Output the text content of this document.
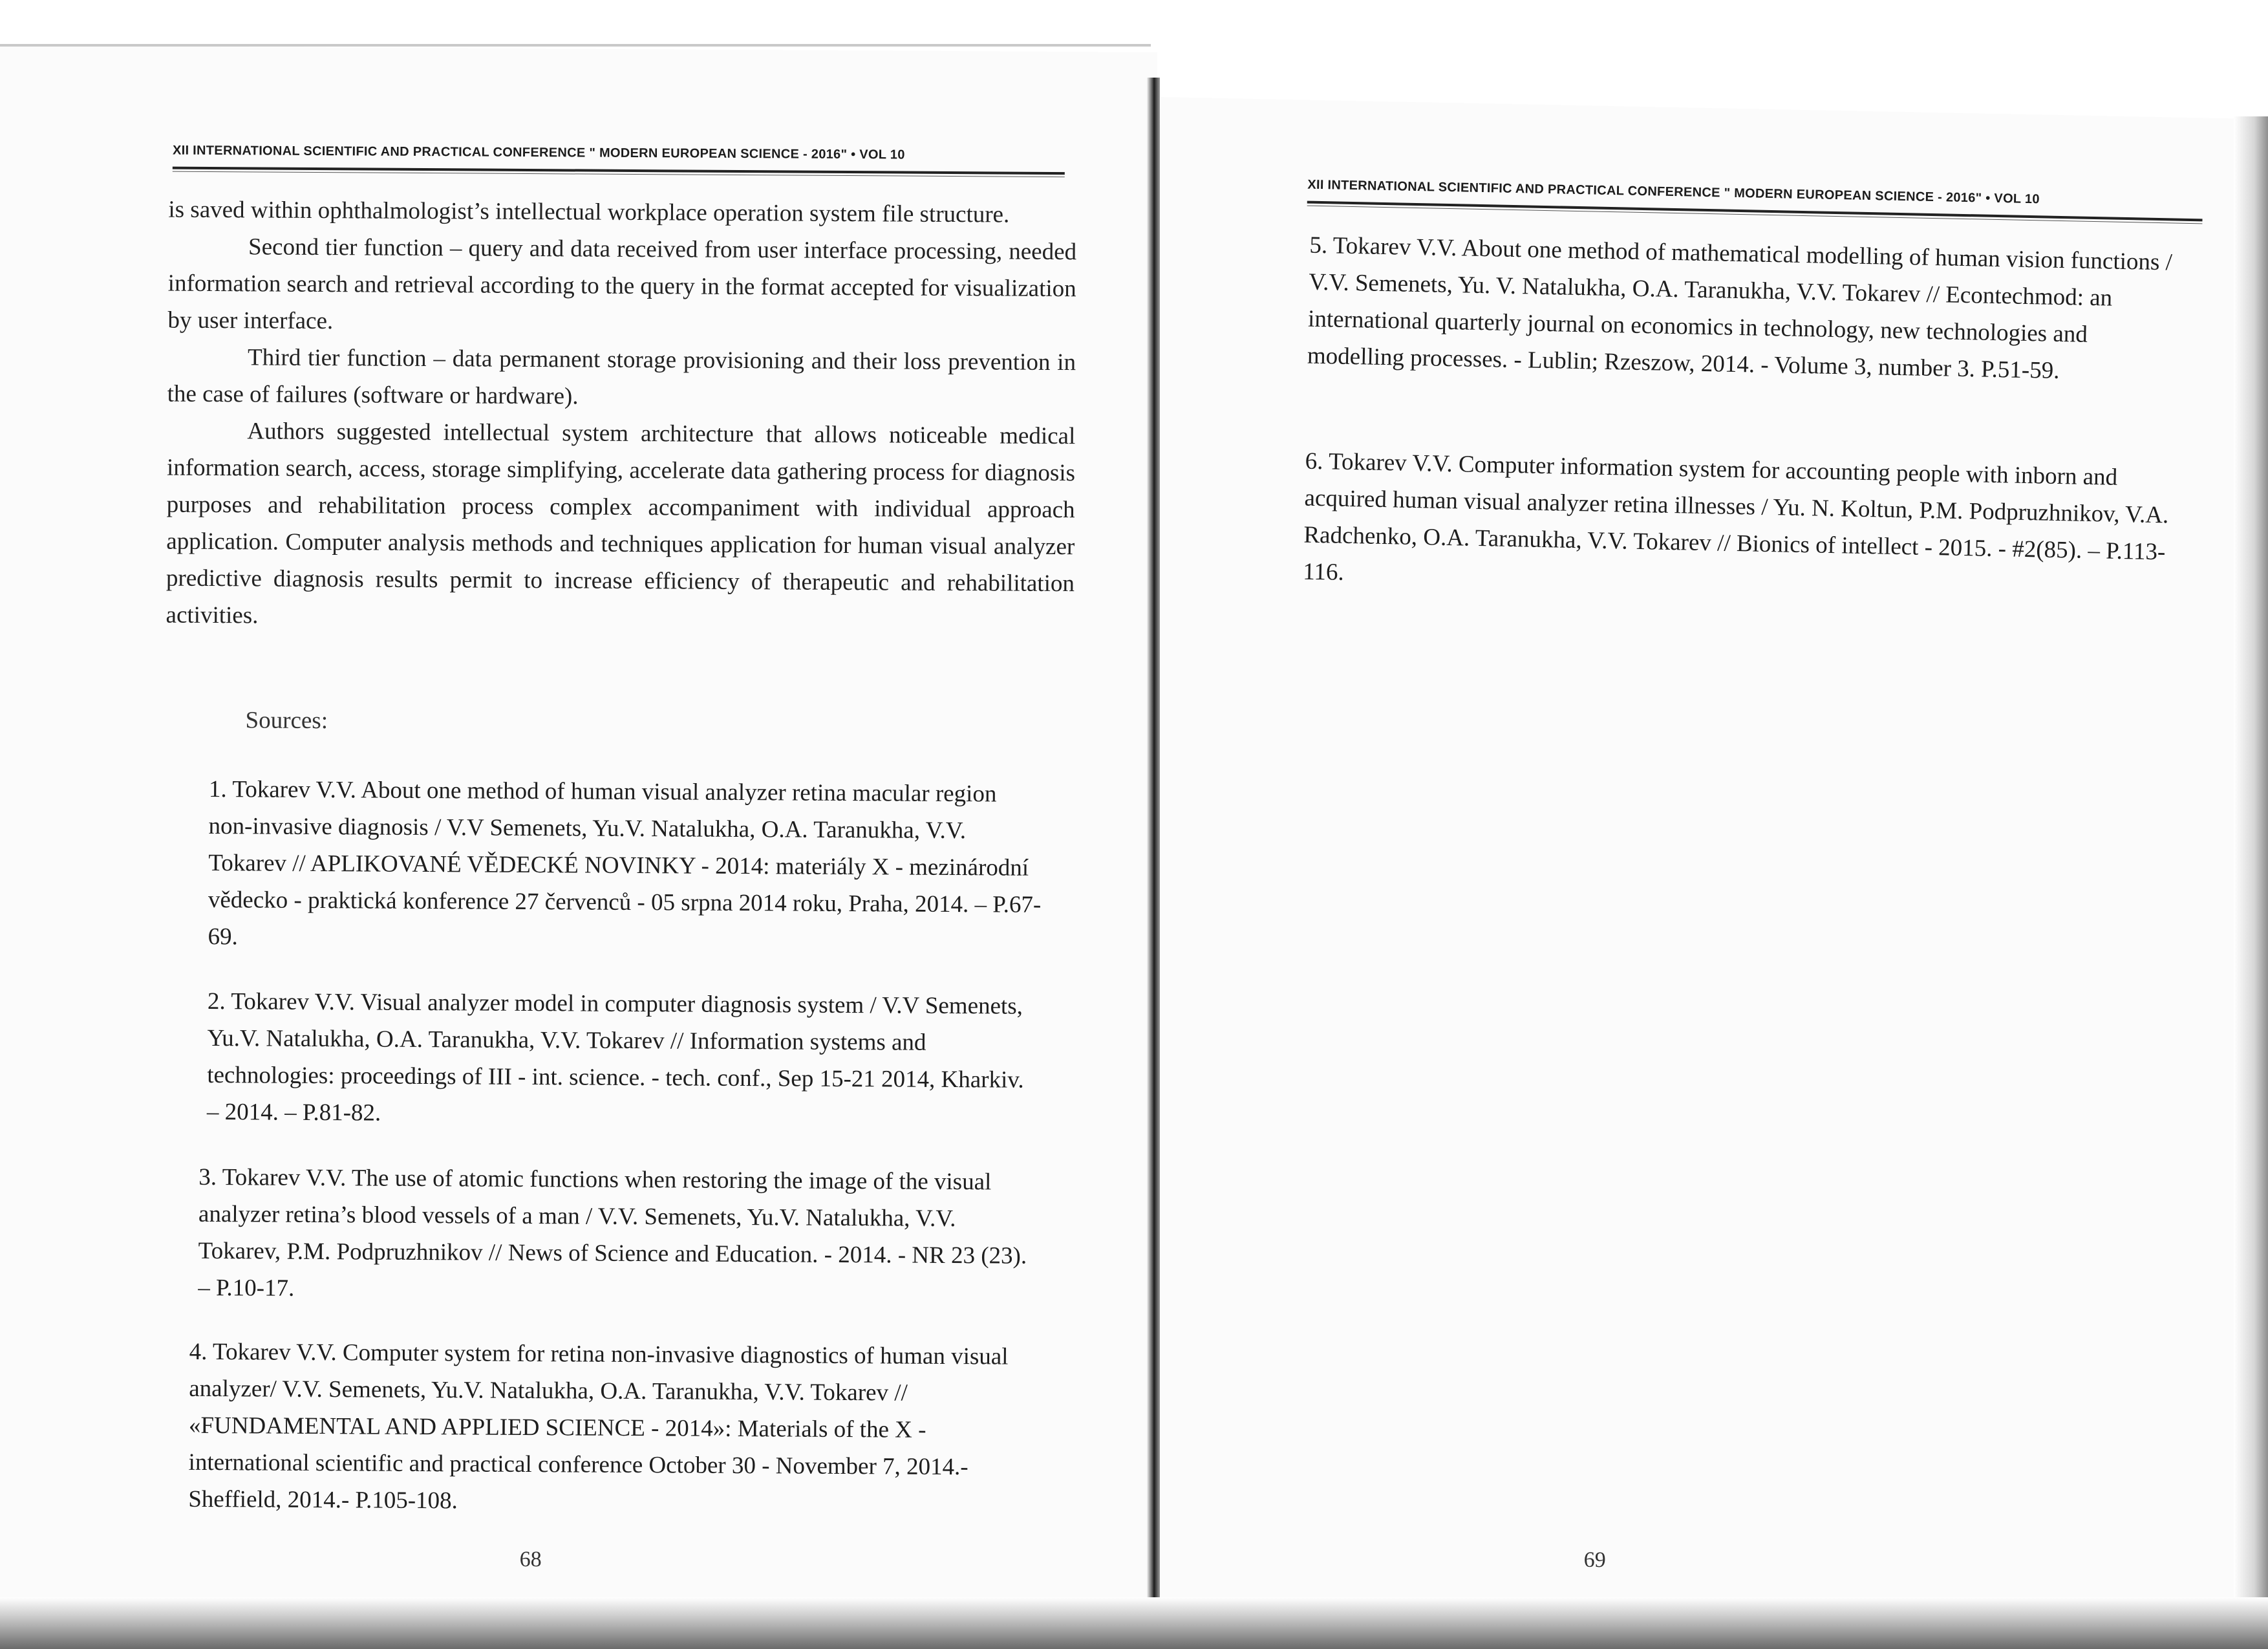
XII INTERNATIONAL SCIENTIFIC AND PRACTICAL CONFERENCE " MODERN EUROPEAN SCIENCE - 2016" • VOL 10

is saved within ophthalmologist’s intellectual workplace operation system file structure.

Second tier function – query and data received from user interface processing, needed information search and retrieval according to the query in the format accepted for visualization by user interface.

Third tier function – data permanent storage provisioning and their loss prevention in the case of failures (software or hardware).

Authors suggested intellectual system architecture that allows noticeable medical information search, access, storage simplifying, accelerate data gathering process for diagnosis purposes and rehabilitation process complex accompaniment with individual approach application. Computer analysis methods and techniques application for human visual analyzer predictive diagnosis results permit to increase efficiency of therapeutic and rehabilitation activities.

Sources:
1. Tokarev V.V. About one method of human visual analyzer retina macular region non-invasive diagnosis / V.V Semenets, Yu.V. Natalukha, O.A. Taranukha, V.V. Tokarev // APLIKOVANÉ VĚDECKÉ NOVINKY - 2014: materiály X - mezinárodní vědecko - praktická konference 27 červenců - 05 srpna 2014 roku, Praha, 2014. – P.67-69.
2. Tokarev V.V. Visual analyzer model in computer diagnosis system / V.V Semenets, Yu.V. Natalukha, O.A. Taranukha, V.V. Tokarev // Information systems and technologies: proceedings of III - int. science. - tech. conf., Sep 15-21 2014, Kharkiv. – 2014. – P.81-82.
3. Tokarev V.V. The use of atomic functions when restoring the image of the visual analyzer retina’s blood vessels of a man / V.V. Semenets, Yu.V. Natalukha, V.V. Tokarev, P.M. Podpruzhnikov // News of Science and Education. - 2014. - NR 23 (23). – P.10-17.
4. Tokarev V.V. Computer system for retina non-invasive diagnostics of human visual analyzer/ V.V. Semenets, Yu.V. Natalukha, O.A. Taranukha, V.V. Tokarev // «FUNDAMENTAL AND APPLIED SCIENCE - 2014»: Materials of the X - international scientific and practical conference October 30 - November 7, 2014.- Sheffield, 2014.- P.105-108.
68
XII INTERNATIONAL SCIENTIFIC AND PRACTICAL CONFERENCE " MODERN EUROPEAN SCIENCE - 2016" • VOL 10
5. Tokarev V.V. About one method of mathematical modelling of human vision functions / V.V. Semenets, Yu. V. Natalukha, O.A. Taranukha, V.V. Tokarev // Econtechmod: an international quarterly journal on economics in technology, new technologies and modelling processes. - Lublin; Rzeszow, 2014. - Volume 3, number 3. P.51-59.
6. Tokarev V.V. Computer information system for accounting people with inborn and acquired human visual analyzer retina illnesses / Yu. N. Koltun, P.M. Podpruzhnikov, V.A. Radchenko, O.A. Taranukha, V.V. Tokarev // Bionics of intellect - 2015. - #2(85). – P.113-116.
69
